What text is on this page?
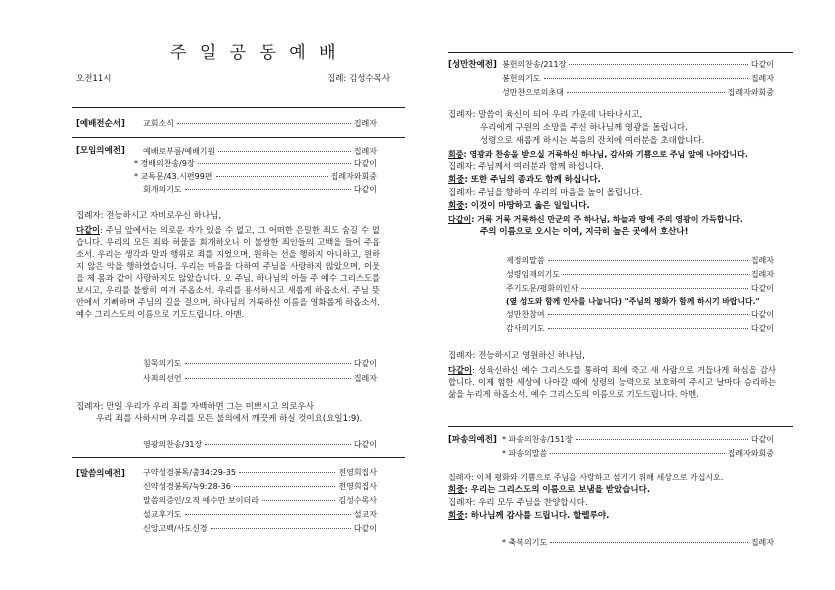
주 일 공 동 예 배
오전11시	집례: 김성수목사
[예배전순서] 교회소식	집례자
[모임의예전] 예배로부름/예배기원	집례자
* 경배의찬송/9장	다같이
* 교독문/43.시편99편	집례자와회중
회개의기도	다같이
집례자: 전능하시고 자비로우신 하나님,
다같이: 주님 앞에서는 의로운 자가 있을 수 없고, 그 어떠한 은밀한 죄도 숨길 수 없습니다. 우리의 모든 죄와 허물을 회개하오니 이 불쌍한 죄인들의 고백을 들어 주옵소서. 우리는 생각과 말과 행위로 죄를 지었으며, 원하는 선을 행하지 아니하고, 원하지 않은 악을 행하였습니다. 우리는 마음을 다하여 주님을 사랑하지 않았으며, 이웃을 제 몸과 같이 사랑하지도 않았습니다. 오 주님, 하나님의 아들 주 예수 그리스도를 보시고, 우리를 불쌍히 여겨 주옵소서. 우리를 용서하시고 새롭게 하옵소서. 주님 뜻 안에서 기뻐하며 주님의 길을 걸으며, 하나님의 거룩하신 이름을 영화롭게 하옵소서. 예수 그리스도의 이름으로 기도드립니다. 아멘.
침묵의기도	다같이
사죄의선언	집례자
집례자: 만일 우리가 우리 죄를 자백하면 그는 미쁘시고 의로우사
우리 죄를 사하시며 우리를 모든 불의에서 깨끗케 하실 것이요(요일1:9).
영광의찬송/31장	다같이
[말씀의예전] 구약성경봉독/출34:29-35	전영희집사
신약성경봉독/눅9:28-36	전영희집사
말씀의증인/오직 예수만 보이더라	김성수목사
설교후기도	설교자
신앙고백/사도신경	다같이
[성만찬예전] 봉헌의찬송/211장	다같이
봉헌의기도	집례자
성만찬으로의초대	집례자와회중
집례자: 말씀이 육신이 되어 우리 가운데 나타나시고,
우리에게 구원의 소망을 주신 하나님께 영광을 돌립니다.
성령으로 새롭게 하시는 복음의 잔치에 여러분을 초대합니다.
회중: 영광과 찬송을 받으실 거룩하신 하나님, 감사와 기쁨으로 주님 앞에 나아갑니다.
집례자: 주님께서 여러분과 함께 하십니다.
회중: 또한 주님의 종과도 함께 하십니다.
집례자: 주님을 향하여 우리의 마음을 높이 올립니다.
회중: 이것이 마땅하고 옳은 일입니다.
다같이: 거룩 거룩 거룩하신 만군의 주 하나님, 하늘과 땅에 주의 영광이 가득합니다.
주의 이름으로 오시는 이여, 지극히 높은 곳에서 호산나!
제정의말씀	집례자
성령임재의기도	집례자
주기도문/평화의인사	다같이
(옆 성도와 함께 인사를 나눕니다) "주님의 평화가 함께 하시기 바랍니다."
성만찬참여	다같이
감사의기도	다같이
집례자: 전능하시고 영원하신 하나님,
다같이: 성육신하신 예수 그리스도를 통하여 죄에 죽고 새 사람으로 거듭나게 하심을 감사합니다. 이제 험한 세상에 나아갈 때에 성령의 능력으로 보호하여 주시고 날마다 승리하는 삶을 누리게 하옵소서. 예수 그리스도의 이름으로 기도드립니다. 아멘.
[파송의예전] * 파송의찬송/151장	다같이
* 파송의말씀	집례자와회중
집례자: 이제 평화와 기쁨으로 주님을 사랑하고 섬기기 위해 세상으로 가십시오.
회중: 우리는 그리스도의 이름으로 보냄을 받았습니다.
집례자: 우리 모두 주님을 찬양합시다.
회중: 하나님께 감사를 드립니다. 할렐루야.
* 축복의기도	집례자
